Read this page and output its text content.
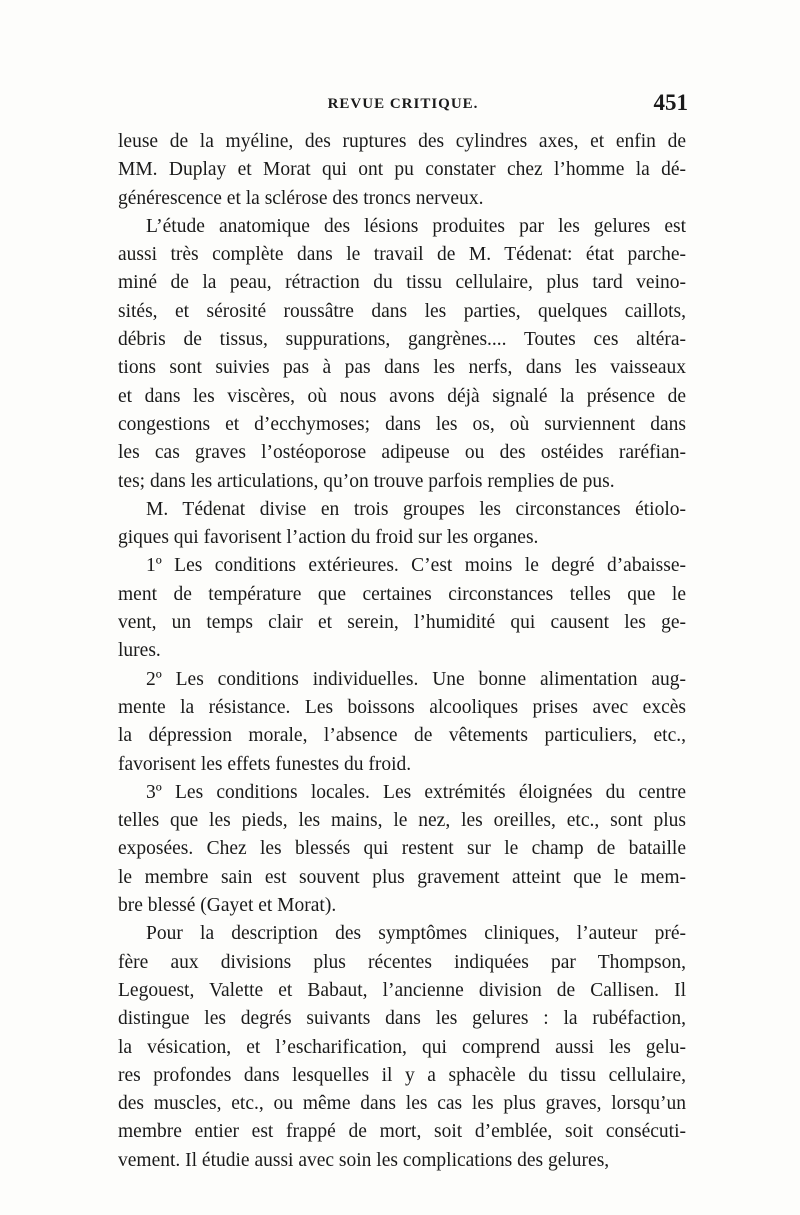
REVUE CRITIQUE.	451
leuse de la myéline, des ruptures des cylindres axes, et enfin de
MM. Duplay et Morat qui ont pu constater chez l’homme la dé-
générescence et la sclérose des troncs nerveux.
L’étude anatomique des lésions produites par les gelures est
aussi très complète dans le travail de M. Tédenat: état parche-
miné de la peau, rétraction du tissu cellulaire, plus tard veino-
sités, et sérosité roussâtre dans les parties, quelques caillots,
débris de tissus, suppurations, gangrènes.... Toutes ces altéra-
tions sont suivies pas à pas dans les nerfs, dans les vaisseaux
et dans les viscères, où nous avons déjà signalé la présence de
congestions et d’ecchymoses; dans les os, où surviennent dans
les cas graves l’ostéoporose adipeuse ou des ostéides raréfian-
tes; dans les articulations, qu’on trouve parfois remplies de pus.
M. Tédenat divise en trois groupes les circonstances étiolo-
giques qui favorisent l’action du froid sur les organes.
1º Les conditions extérieures. C’est moins le degré d’abaisse-
ment de température que certaines circonstances telles que le
vent, un temps clair et serein, l’humidité qui causent les ge-
lures.
2º Les conditions individuelles. Une bonne alimentation aug-
mente la résistance. Les boissons alcooliques prises avec excès
la dépression morale, l’absence de vêtements particuliers, etc.,
favorisent les effets funestes du froid.
3º Les conditions locales. Les extrémités éloignées du centre
telles que les pieds, les mains, le nez, les oreilles, etc., sont plus
exposées. Chez les blessés qui restent sur le champ de bataille
le membre sain est souvent plus gravement atteint que le mem-
bre blessé (Gayet et Morat).
Pour la description des symptômes cliniques, l’auteur pré-
fère aux divisions plus récentes indiquées par Thompson,
Legouest, Valette et Babaut, l’ancienne division de Callisen. Il
distingue les degrés suivants dans les gelures : la rubéfaction,
la vésication, et l’escharification, qui comprend aussi les gelu-
res profondes dans lesquelles il y a sphacèle du tissu cellulaire,
des muscles, etc., ou même dans les cas les plus graves, lorsqu’un
membre entier est frappé de mort, soit d’emblée, soit consécuti-
vement. Il étudie aussi avec soin les complications des gelures,
